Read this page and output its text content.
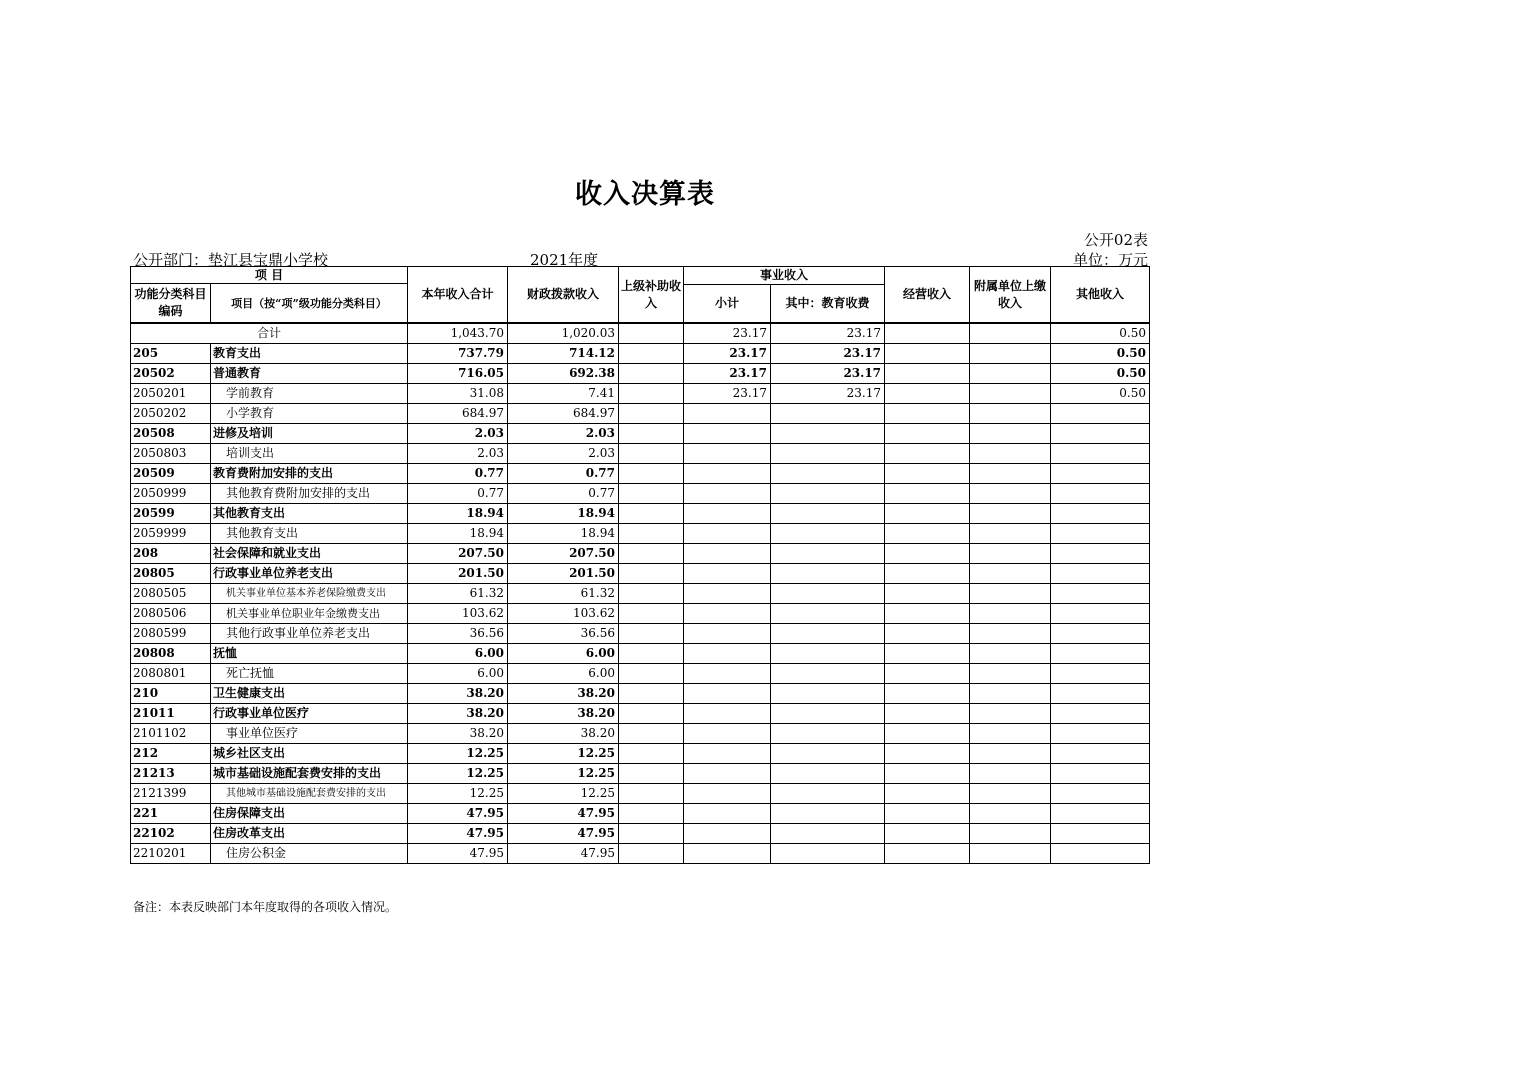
收入决算表
公开02表
公开部门：垫江县宝鼎小学校	2021年度	单位：万元
项 目		本年收入合计	财政拨款收入	上级补助收入	事业收入		经营收入	附属单位上缴收入	其他收入
功能分类科目编码	项目（按“项”级功能分类科目）								
					小计	其中：教育收费			
合计		1,043.70	1,020.03		23.17	23.17			0.50
205	教育支出	737.79	714.12		23.17	23.17			0.50
20502	普通教育	716.05	692.38		23.17	23.17			0.50
2050201	学前教育	31.08	7.41		23.17	23.17			0.50
2050202	小学教育	684.97	684.97						
20508	进修及培训	2.03	2.03						
2050803	培训支出	2.03	2.03						
20509	教育费附加安排的支出	0.77	0.77						
2050999	其他教育费附加安排的支出	0.77	0.77						
20599	其他教育支出	18.94	18.94						
2059999	其他教育支出	18.94	18.94						
208	社会保障和就业支出	207.50	207.50						
20805	行政事业单位养老支出	201.50	201.50						
2080505	机关事业单位基本养老保险缴费支出	61.32	61.32						
2080506	机关事业单位职业年金缴费支出	103.62	103.62						
2080599	其他行政事业单位养老支出	36.56	36.56						
20808	抚恤	6.00	6.00						
2080801	死亡抚恤	6.00	6.00						
210	卫生健康支出	38.20	38.20						
21011	行政事业单位医疗	38.20	38.20						
2101102	事业单位医疗	38.20	38.20						
212	城乡社区支出	12.25	12.25						
21213	城市基础设施配套费安排的支出	12.25	12.25						
2121399	其他城市基础设施配套费安排的支出	12.25	12.25						
221	住房保障支出	47.95	47.95						
22102	住房改革支出	47.95	47.95						
2210201	住房公积金	47.95	47.95						
备注：本表反映部门本年度取得的各项收入情况。
